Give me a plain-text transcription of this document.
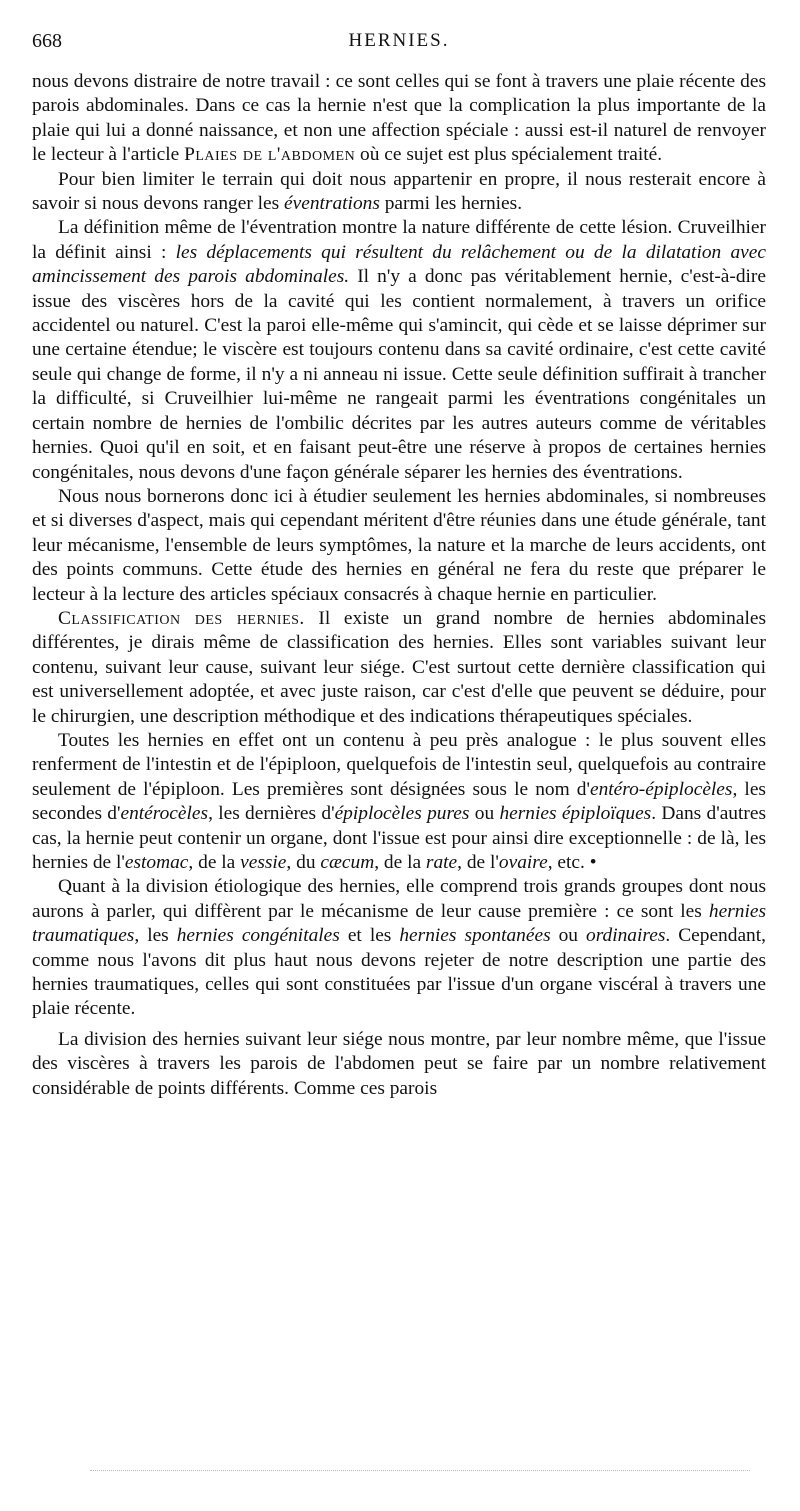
668	HERNIES.

nous devons distraire de notre travail : ce sont celles qui se font à travers une plaie récente des parois abdominales. Dans ce cas la hernie n'est que la complication la plus importante de la plaie qui lui a donné naissance, et non une affection spéciale : aussi est-il naturel de renvoyer le lecteur à l'article Plaies de l'abdomen où ce sujet est plus spécialement traité.

Pour bien limiter le terrain qui doit nous appartenir en propre, il nous resterait encore à savoir si nous devons ranger les éventrations parmi les hernies.

La définition même de l'éventration montre la nature différente de cette lésion. Cruveilhier la définit ainsi : les déplacements qui résultent du relâchement ou de la dilatation avec amincissement des parois abdominales. Il n'y a donc pas véritablement hernie, c'est-à-dire issue des viscères hors de la cavité qui les contient normalement, à travers un orifice accidentel ou naturel. C'est la paroi elle-même qui s'amincit, qui cède et se laisse déprimer sur une certaine étendue; le viscère est toujours contenu dans sa cavité ordinaire, c'est cette cavité seule qui change de forme, il n'y a ni anneau ni issue. Cette seule définition suffirait à trancher la difficulté, si Cruveilhier lui-même ne rangeait parmi les éventrations congénitales un certain nombre de hernies de l'ombilic décrites par les autres auteurs comme de véritables hernies. Quoi qu'il en soit, et en faisant peut-être une réserve à propos de certaines hernies congénitales, nous devons d'une façon générale séparer les hernies des éventrations.

Nous nous bornerons donc ici à étudier seulement les hernies abdominales, si nombreuses et si diverses d'aspect, mais qui cependant méritent d'être réunies dans une étude générale, tant leur mécanisme, l'ensemble de leurs symptômes, la nature et la marche de leurs accidents, ont des points communs. Cette étude des hernies en général ne fera du reste que préparer le lecteur à la lecture des articles spéciaux consacrés à chaque hernie en particulier.

Classification des hernies. Il existe un grand nombre de hernies abdominales différentes, je dirais même de classification des hernies. Elles sont variables suivant leur contenu, suivant leur cause, suivant leur siége. C'est surtout cette dernière classification qui est universellement adoptée, et avec juste raison, car c'est d'elle que peuvent se déduire, pour le chirurgien, une description méthodique et des indications thérapeutiques spéciales.

Toutes les hernies en effet ont un contenu à peu près analogue : le plus souvent elles renferment de l'intestin et de l'épiploon, quelquefois de l'intestin seul, quelquefois au contraire seulement de l'épiploon. Les premières sont désignées sous le nom d'entéro-épiplocèles, les secondes d'entérocèles, les dernières d'épiplocèles pures ou hernies épiploïques. Dans d'autres cas, la hernie peut contenir un organe, dont l'issue est pour ainsi dire exceptionnelle : de là, les hernies de l'estomac, de la vessie, du cæcum, de la rate, de l'ovaire, etc. •

Quant à la division étiologique des hernies, elle comprend trois grands groupes dont nous aurons à parler, qui diffèrent par le mécanisme de leur cause première : ce sont les hernies traumatiques, les hernies congénitales et les hernies spontanées ou ordinaires. Cependant, comme nous l'avons dit plus haut nous devons rejeter de notre description une partie des hernies traumatiques, celles qui sont constituées par l'issue d'un organe viscéral à travers une plaie récente.

La division des hernies suivant leur siége nous montre, par leur nombre même, que l'issue des viscères à travers les parois de l'abdomen peut se faire par un nombre relativement considérable de points différents. Comme ces parois
